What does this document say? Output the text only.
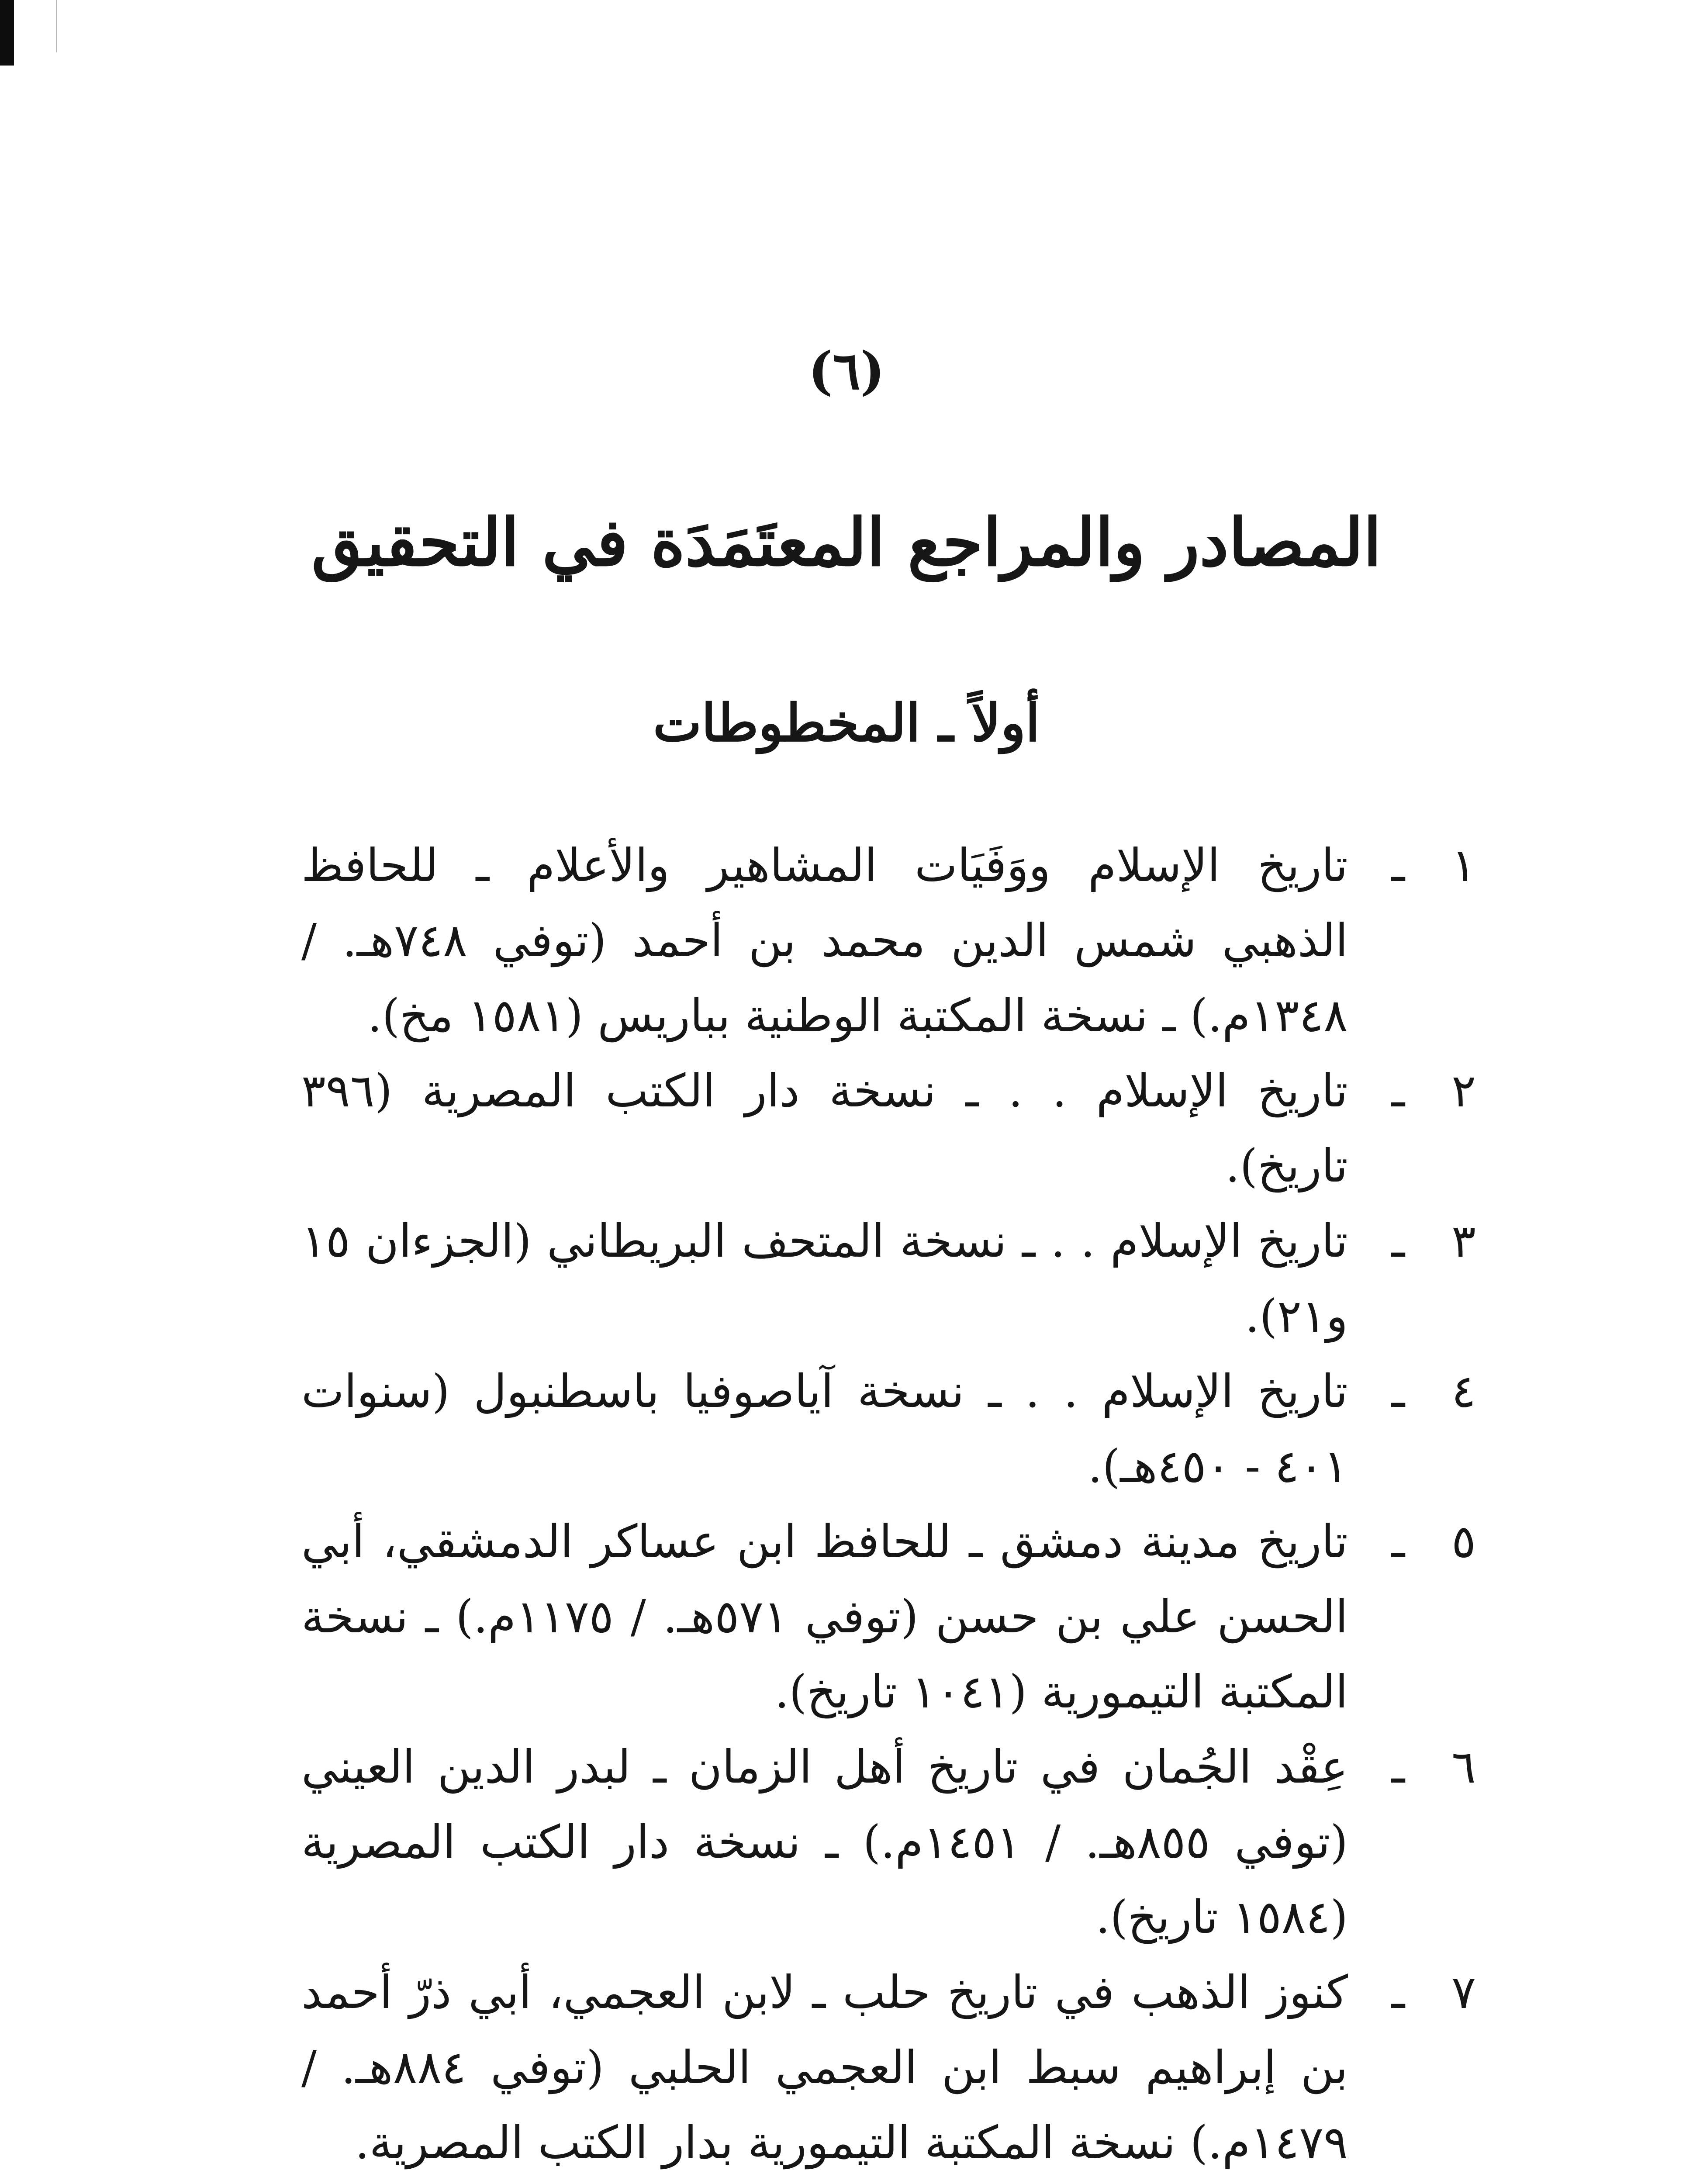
(٦)
المصادر والمراجع المعتَمَدَة في التحقيق
أولاً ـ المخطوطات
١
ـ
تاريخ الإسلام ووَفَيَات المشاهير والأعلام ـ للحافظ الذهبي شمس الدين محمد بن أحمد (توفي ٧٤٨هـ. / ١٣٤٨م.) ـ نسخة المكتبة الوطنية بباريس (١٥٨١ مخ).
٢
ـ
تاريخ الإسلام . . ـ نسخة دار الكتب المصرية (٣٩٦ تاريخ).
٣
ـ
تاريخ الإسلام . . ـ نسخة المتحف البريطاني (الجزءان ١٥ و٢١).
٤
ـ
تاريخ الإسلام . . ـ نسخة آياصوفيا باسطنبول (سنوات ٤٠١ - ٤٥٠هـ).
٥
ـ
تاريخ مدينة دمشق ـ للحافظ ابن عساكر الدمشقي، أبي الحسن علي بن حسن (توفي ٥٧١هـ. / ١١٧٥م.) ـ نسخة المكتبة التيمورية (١٠٤١ تاريخ).
٦
ـ
عِقْد الجُمان في تاريخ أهل الزمان ـ لبدر الدين العيني (توفي ٨٥٥هـ. / ١٤٥١م.) ـ نسخة دار الكتب المصرية (١٥٨٤ تاريخ).
٧
ـ
كنوز الذهب في تاريخ حلب ـ لابن العجمي، أبي ذرّ أحمد بن إبراهيم سبط ابن العجمي الحلبي (توفي ٨٨٤هـ. / ١٤٧٩م.) نسخة المكتبة التيمورية بدار الكتب المصرية.
